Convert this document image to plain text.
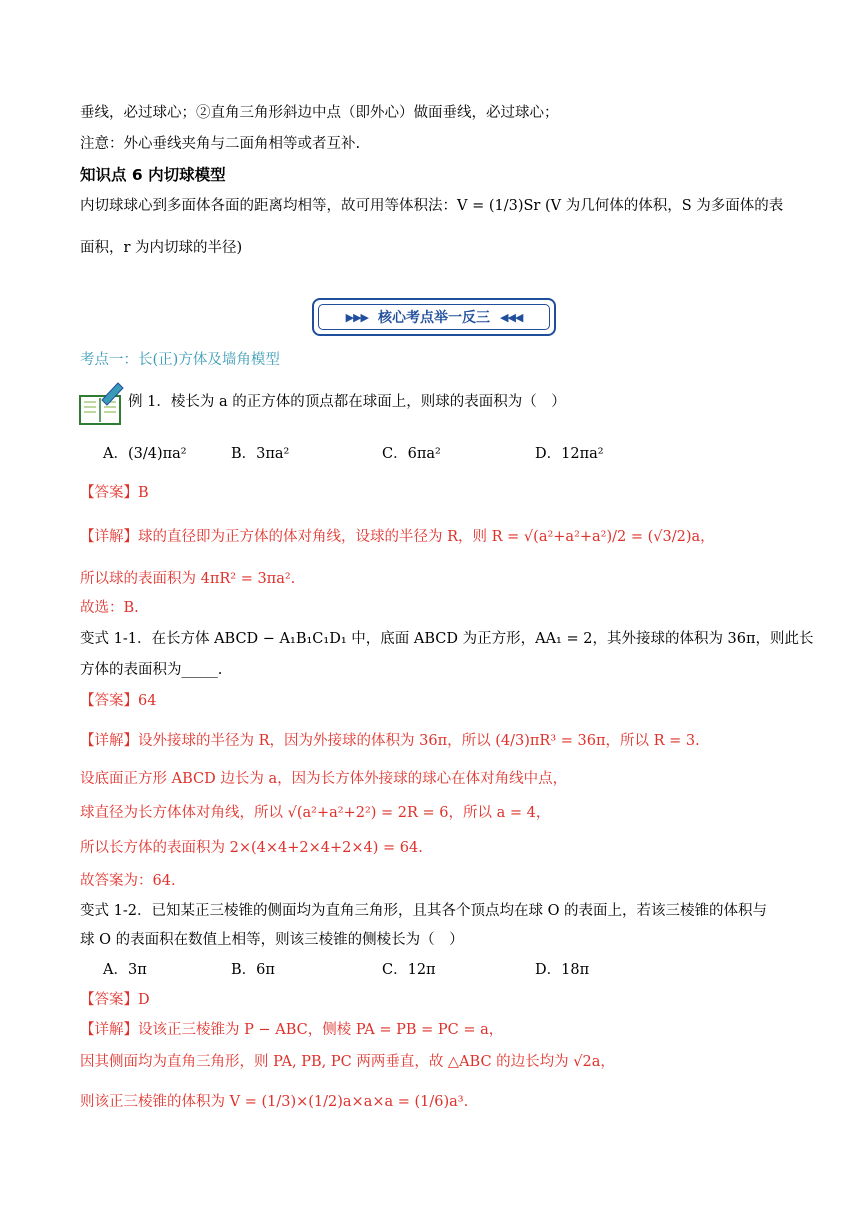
垂线，必过球心；②直角三角形斜边中点（即外心）做面垂线，必过球心；
注意：外心垂线夹角与二面角相等或者互补.
知识点 6 内切球模型
内切球球心到多面体各面的距离均相等，故可用等体积法：V = (1/3)Sr (V 为几何体的体积，S 为多面体的表
面积，r 为内切球的半径)
▶▶▶ 核心考点举一反三 ◀◀◀
考点一：长(正)方体及墙角模型
例 1．棱长为 a 的正方体的顶点都在球面上，则球的表面积为（　）
A．(3/4)πa²	B．3πa²	C．6πa²	D．12πa²
【答案】B
【详解】球的直径即为正方体的体对角线，设球的半径为 R，则 R = √(a²+a²+a²)/2 = (√3/2)a，
所以球的表面积为 4πR² = 3πa².
故选：B.
变式 1-1．在长方体 ABCD − A₁B₁C₁D₁ 中，底面 ABCD 为正方形，AA₁ = 2，其外接球的体积为 36π，则此长
方体的表面积为_____.
【答案】64
【详解】设外接球的半径为 R，因为外接球的体积为 36π，所以 (4/3)πR³ = 36π，所以 R = 3.
设底面正方形 ABCD 边长为 a，因为长方体外接球的球心在体对角线中点，
球直径为长方体体对角线，所以 √(a²+a²+2²) = 2R = 6，所以 a = 4，
所以长方体的表面积为 2×(4×4+2×4+2×4) = 64.
故答案为：64.
变式 1-2．已知某正三棱锥的侧面均为直角三角形，且其各个顶点均在球 O 的表面上，若该三棱锥的体积与
球 O 的表面积在数值上相等，则该三棱锥的侧棱长为（　）
A．3π	B．6π	C．12π	D．18π
【答案】D
【详解】设该正三棱锥为 P − ABC，侧棱 PA = PB = PC = a，
因其侧面均为直角三角形，则 PA, PB, PC 两两垂直，故 △ABC 的边长均为 √2a，
则该正三棱锥的体积为 V = (1/3)×(1/2)a×a×a = (1/6)a³.
